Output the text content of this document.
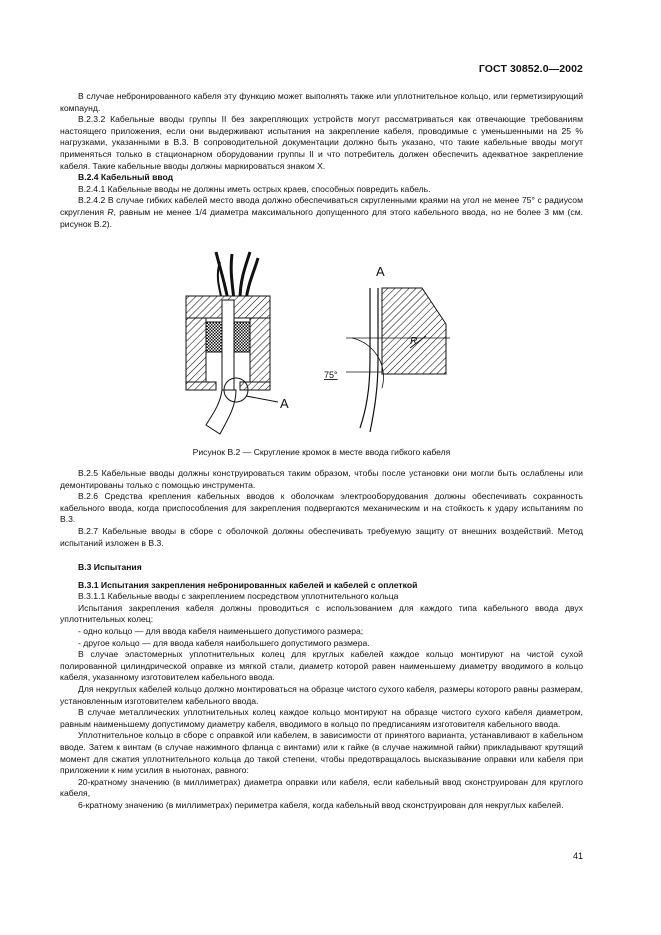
ГОСТ 30852.0—2002

В случае небронированного кабеля эту функцию может выполнять также или уплотнительное кольцо, или герметизирующий компаунд.

В.2.3.2 Кабельные вводы группы II без закрепляющих устройств могут рассматриваться как отвечающие требованиям настоящего приложения, если они выдерживают испытания на закрепление кабеля, проводимые с уменьшенными на 25 % нагрузками, указанными в В.3. В сопроводительной документации должно быть указано, что такие кабельные вводы могут применяться только в стационарном оборудовании группы II и что потребитель должен обеспечить адекватное закрепление кабеля. Такие кабельные вводы должны маркироваться знаком X.

В.2.4 Кабельный ввод

В.2.4.1 Кабельные вводы не должны иметь острых краев, способных повредить кабель.

В.2.4.2 В случае гибких кабелей место ввода должно обеспечиваться скругленными краями на угол не менее 75° с радиусом скругления R, равным не менее 1/4 диаметра максимального допущенного для этого кабельного ввода, но не более 3 мм (см. рисунок В.2).

A
A
R
75°
Рисунок В.2 — Скругление кромок в месте ввода гибкого кабеля

В.2.5 Кабельные вводы должны конструироваться таким образом, чтобы после установки они могли быть ослаблены или демонтированы только с помощью инструмента.

В.2.6 Средства крепления кабельных вводов к оболочкам электрооборудования должны обеспечивать сохранность кабельного ввода, когда приспособления для закрепления подвергаются механическим и на стойкость к удару испытаниям по В.3.

В.2.7 Кабельные вводы в сборе с оболочкой должны обеспечивать требуемую защиту от внешних воздействий. Метод испытаний изложен в В.3.

В.3 Испытания

В.3.1 Испытания закрепления небронированных кабелей и кабелей с оплеткой

В.3.1.1 Кабельные вводы с закреплением посредством уплотнительного кольца

Испытания закрепления кабеля должны проводиться с использованием для каждого типа кабельного ввода двух уплотнительных колец:

- одно кольцо — для ввода кабеля наименьшего допустимого размера;

- другое кольцо — для ввода кабеля наибольшего допустимого размера.

В случае эластомерных уплотнительных колец для круглых кабелей каждое кольцо монтируют на чистой сухой полированной цилиндрической оправке из мягкой стали, диаметр которой равен наименьшему диаметру вводимого в кольцо кабеля, указанному изготовителем кабельного ввода.

Для некруглых кабелей кольцо должно монтироваться на образце чистого сухого кабеля, размеры которого равны размерам, установленным изготовителем кабельного ввода.

В случае металлических уплотнительных колец каждое кольцо монтируют на образце чистого сухого кабеля диаметром, равным наименьшему допустимому диаметру кабеля, вводимого в кольцо по предписаниям изготовителя кабельного ввода.

Уплотнительное кольцо в сборе с оправкой или кабелем, в зависимости от принятого варианта, устанавливают в кабельном вводе. Затем к винтам (в случае нажимного фланца с винтами) или к гайке (в случае нажимной гайки) прикладывают крутящий момент для сжатия уплотнительного кольца до такой степени, чтобы предотвращалось высказывание оправки или кабеля при приложении к ним усилия в ньютонах, равного:

20-кратному значению (в миллиметрах) диаметра оправки или кабеля, если кабельный ввод сконструирован для круглого кабеля,

6-кратному значению (в миллиметрах) периметра кабеля, когда кабельный ввод сконструирован для некруглых кабелей.

41
